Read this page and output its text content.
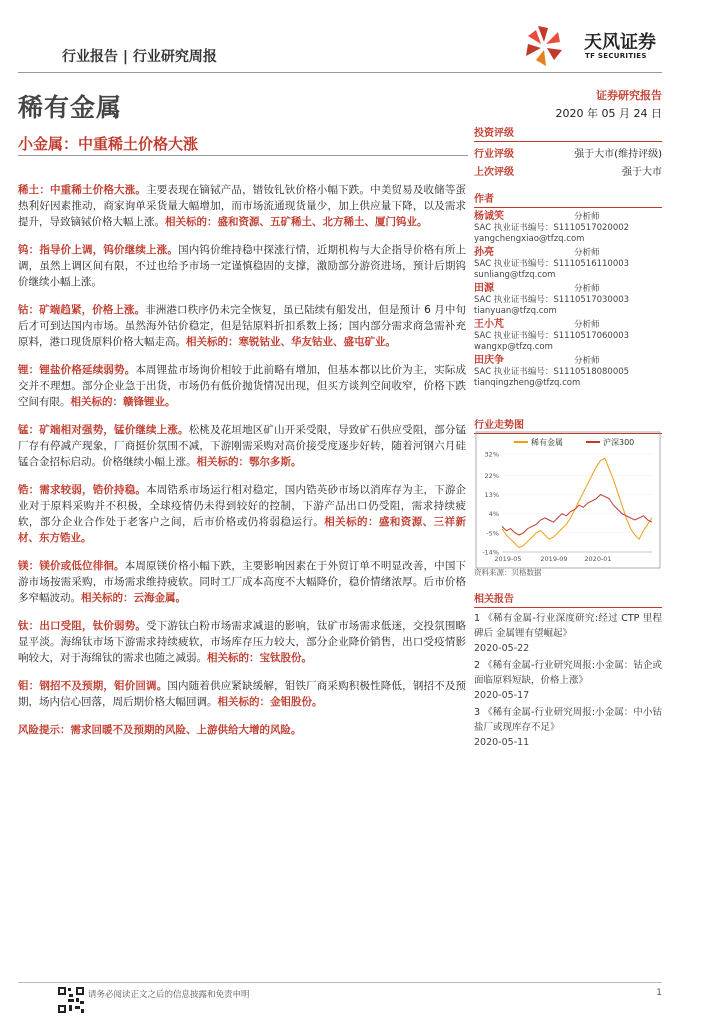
行业报告 | 行业研究周报
天风证券
TF SECURITIES
稀有金属	证券研究报告
2020 年 05 月 24 日
小金属：中重稀土价格大涨

稀土：中重稀土价格大涨。主要表现在镝铽产品，镨钕钆钬价格小幅下跌。中美贸易及收储等蛋热利好因素推动，商家询单采货量大幅增加，而市场流通现货量少，加上供应量下降，以及需求提升，导致镝铽价格大幅上涨。相关标的：盛和资源、五矿稀土、北方稀土、厦门钨业。

钨：指导价上调，钨价继续上涨。国内钨价维持稳中探涨行情，近期机构与大企指导价格有所上调，虽然上调区间有限，不过也给予市场一定谨慎稳固的支撑，激励部分游资进场，预计后期钨价继续小幅上涨。

钴：矿端趋紧，价格上涨。非洲港口秩序仍未完全恢复，虽已陆续有船发出，但是预计 6 月中旬后才可到达国内市场。虽然海外钴价稳定，但是钴原料折扣系数上扬；国内部分需求商急需补充原料，港口现货原料价格大幅走高。相关标的：寒锐钴业、华友钴业、盛屯矿业。

锂：锂盐价格延续弱势。本周锂盐市场询价相较于此前略有增加，但基本都以比价为主，实际成交并不理想。部分企业急于出货，市场仍有低价抛货情况出现，但买方谈判空间收窄，价格下跌空间有限。相关标的：赣锋锂业。

锰：矿端相对强势，锰价继续上涨。松桃及花垣地区矿山开采受限，导致矿石供应受阻，部分锰厂存有停减产现象，厂商挺价氛围不减，下游刚需采购对高价接受度逐步好转，随着河钢六月硅锰合金招标启动。价格继续小幅上涨。相关标的：鄂尔多斯。

锆：需求较弱，锆价持稳。本周锆系市场运行相对稳定，国内锆英砂市场以消库存为主，下游企业对于原料采购并不积极，全球疫情仍未得到较好的控制，下游产品出口仍受阻，需求持续疲软，部分企业合作处于老客户之间，后市价格或仍将弱稳运行。相关标的：盛和资源、三祥新材、东方锆业。

镁：镁价或低位徘徊。本周原镁价格小幅下跌，主要影响因素在于外贸订单不明显改善，中国下游市场按需采购，市场需求维持疲软。同时工厂成本高度不大幅降价，稳价情绪浓厚。后市价格多窄幅波动。相关标的：云海金属。

钛：出口受阻，钛价弱势。受下游钛白粉市场需求减退的影响，钛矿市场需求低迷，交投氛围略显平淡。海绵钛市场下游需求持续疲软，市场库存压力较大，部分企业降价销售，出口受疫情影响较大，对于海绵钛的需求也随之减弱。相关标的：宝钛股份。

钼：钢招不及预期，钼价回调。国内随着供应紧缺缓解，钼铁厂商采购积极性降低，钢招不及预期，场内信心回落，周后期价格大幅回调。相关标的：金钼股份。

风险提示：需求回暖不及预期的风险、上游供给大增的风险。

投资评级
行业评级	强于大市(维持评级)
上次评级	强于大市
作者
杨诚笑	分析师
SAC 执业证书编号：S1110517020002
yangchengxiao@tfzq.com
孙亮	分析师
SAC 执业证书编号：S1110516110003
sunliang@tfzq.com
田源	分析师
SAC 执业证书编号：S1110517030003
tianyuan@tfzq.com
王小芃	分析师
SAC 执业证书编号：S1110517060003
wangxp@tfzq.com
田庆争	分析师
SAC 执业证书编号：S1110518080005
tianqingzheng@tfzq.com
行业走势图
稀有金属	沪深300
32%
22%
13%
4%
-5%
-14%
2019-05	2019-09	2020-01
资料来源：贝格数据
相关报告
1 《稀有金属-行业深度研究:经过 CTP 里程碑后 金属锂有望崛起》
2020-05-22
2 《稀有金属-行业研究周报:小金属：钴企或面临原料短缺，价格上涨》
2020-05-17
3 《稀有金属-行业研究周报:小金属：中小钴盐厂或现库存不足》
2020-05-11
请务必阅读正文之后的信息披露和免责申明	1
